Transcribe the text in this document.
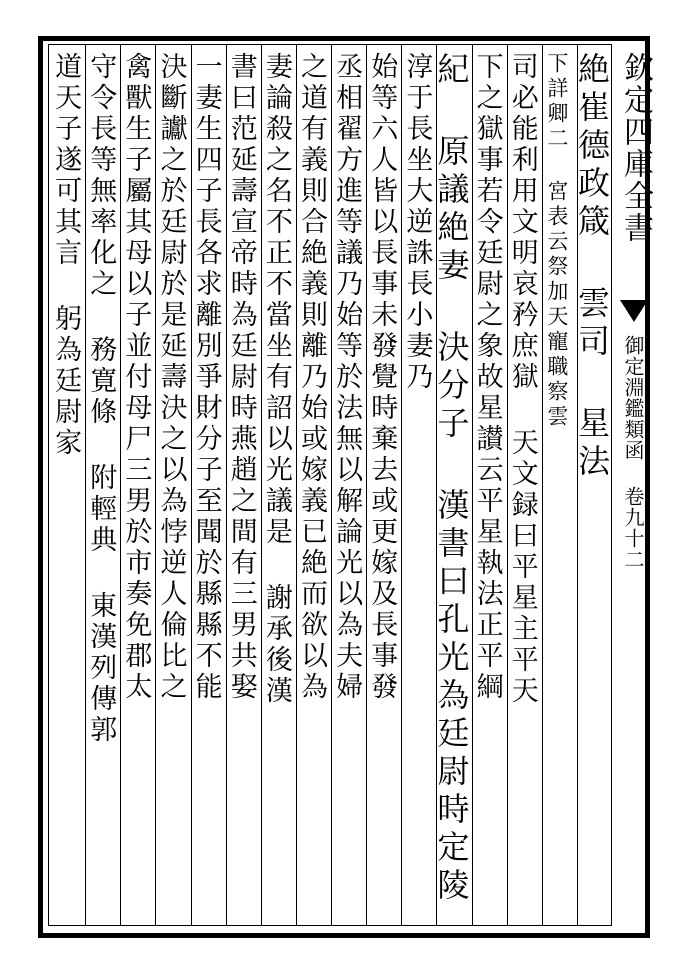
欽定四庫全書
御定淵鑑類函 卷九十二
絶崔德政箴 雲司 星法
下詳卿二 宮表云祭加天寵職察雲
司必能利用文明哀矜庶獄 天文録曰平星主平天
下之獄事若令廷尉之象故星讃云平星執法正平綱
紀 原議絶妻 決分子 漢書曰孔光為廷尉時定陵
淳于長坐大逆誅長小妻乃
始等六人皆以長事未發覺時棄去或更嫁及長事發
丞相翟方進等議乃始等於法無以解論光以為夫婦
之道有義則合絶義則離乃始或嫁義已絶而欲以為
妻論殺之名不正不當坐有詔以光議是 謝承後漢
書曰范延壽宣帝時為廷尉時燕趙之間有三男共娶
一妻生四子長各求離別爭財分子至聞於縣縣不能
決斷讞之於廷尉於是延壽決之以為悖逆人倫比之
禽獸生子屬其母以子並付母尸三男於市奏免郡太
守令長等無率化之 務寛條 附輕典 東漢列傳郭
道天子遂可其言 躬為廷尉家
